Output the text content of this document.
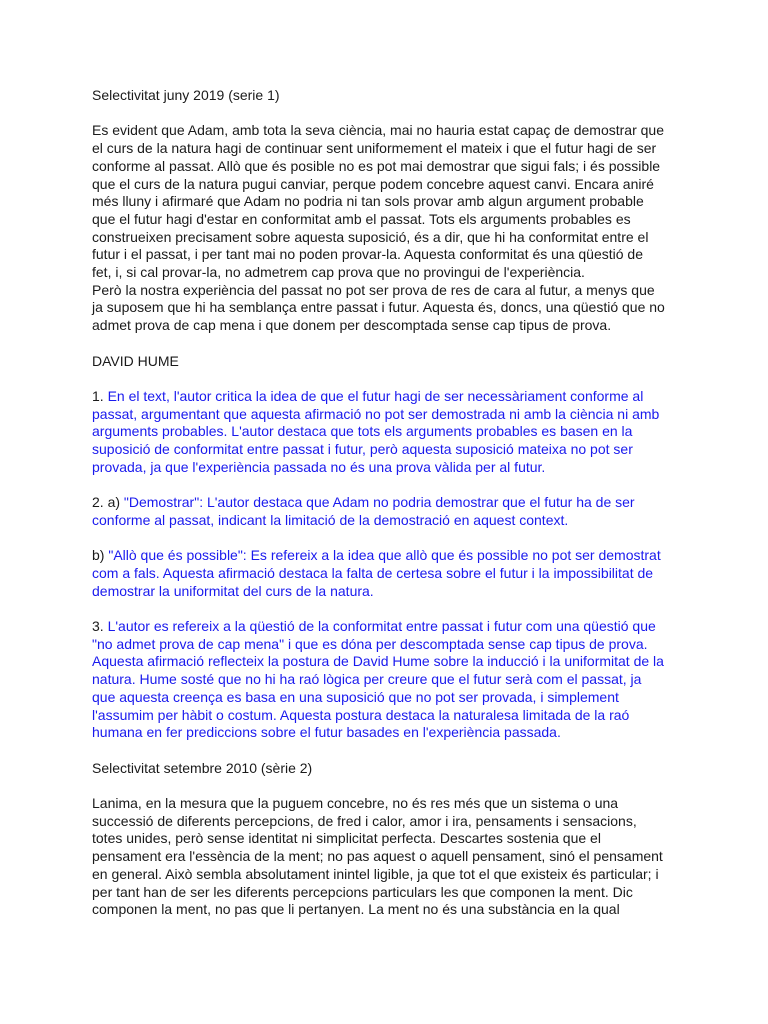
Selectivitat juny 2019 (serie 1)
Es evident que Adam, amb tota la seva ciència, mai no hauria estat capaç de demostrar que
el curs de la natura hagi de continuar sent uniformement el mateix i que el futur hagi de ser
conforme al passat. Allò que és posible no es pot mai demostrar que sigui fals; i és possible
que el curs de la natura pugui canviar, perque podem concebre aquest canvi. Encara aniré
més lluny i afirmaré que Adam no podria ni tan sols provar amb algun argument probable
que el futur hagi d'estar en conformitat amb el passat. Tots els arguments probables es
construeixen precisament sobre aquesta suposició, és a dir, que hi ha conformitat entre el
futur i el passat, i per tant mai no poden provar-la. Aquesta conformitat és una qüestió de
fet, i, si cal provar-la, no admetrem cap prova que no provingui de l'experiència.
Però la nostra experiència del passat no pot ser prova de res de cara al futur, a menys que
ja suposem que hi ha semblança entre passat i futur. Aquesta és, doncs, una qüestió que no
admet prova de cap mena i que donem per descomptada sense cap tipus de prova.
DAVID HUME
1. En el text, l'autor critica la idea de que el futur hagi de ser necessàriament conforme al
passat, argumentant que aquesta afirmació no pot ser demostrada ni amb la ciència ni amb
arguments probables. L'autor destaca que tots els arguments probables es basen en la
suposició de conformitat entre passat i futur, però aquesta suposició mateixa no pot ser
provada, ja que l'experiència passada no és una prova vàlida per al futur.
2. a) "Demostrar": L'autor destaca que Adam no podria demostrar que el futur ha de ser
conforme al passat, indicant la limitació de la demostració en aquest context.
b) "Allò que és possible": Es refereix a la idea que allò que és possible no pot ser demostrat
com a fals. Aquesta afirmació destaca la falta de certesa sobre el futur i la impossibilitat de
demostrar la uniformitat del curs de la natura.
3. L'autor es refereix a la qüestió de la conformitat entre passat i futur com una qüestió que
"no admet prova de cap mena" i que es dóna per descomptada sense cap tipus de prova.
Aquesta afirmació reflecteix la postura de David Hume sobre la inducció i la uniformitat de la
natura. Hume sosté que no hi ha raó lògica per creure que el futur serà com el passat, ja
que aquesta creença es basa en una suposició que no pot ser provada, i simplement
l'assumim per hàbit o costum. Aquesta postura destaca la naturalesa limitada de la raó
humana en fer prediccions sobre el futur basades en l'experiència passada.
Selectivitat setembre 2010 (sèrie 2)
Lanima, en la mesura que la puguem concebre, no és res més que un sistema o una
successió de diferents percepcions, de fred i calor, amor i ira, pensaments i sensacions,
totes unides, però sense identitat ni simplicitat perfecta. Descartes sostenia que el
pensament era l'essència de la ment; no pas aquest o aquell pensament, sinó el pensament
en general. Això sembla absolutament inintel ligible, ja que tot el que existeix és particular; i
per tant han de ser les diferents percepcions particulars les que componen la ment. Dic
componen la ment, no pas que li pertanyen. La ment no és una substància en la qual
